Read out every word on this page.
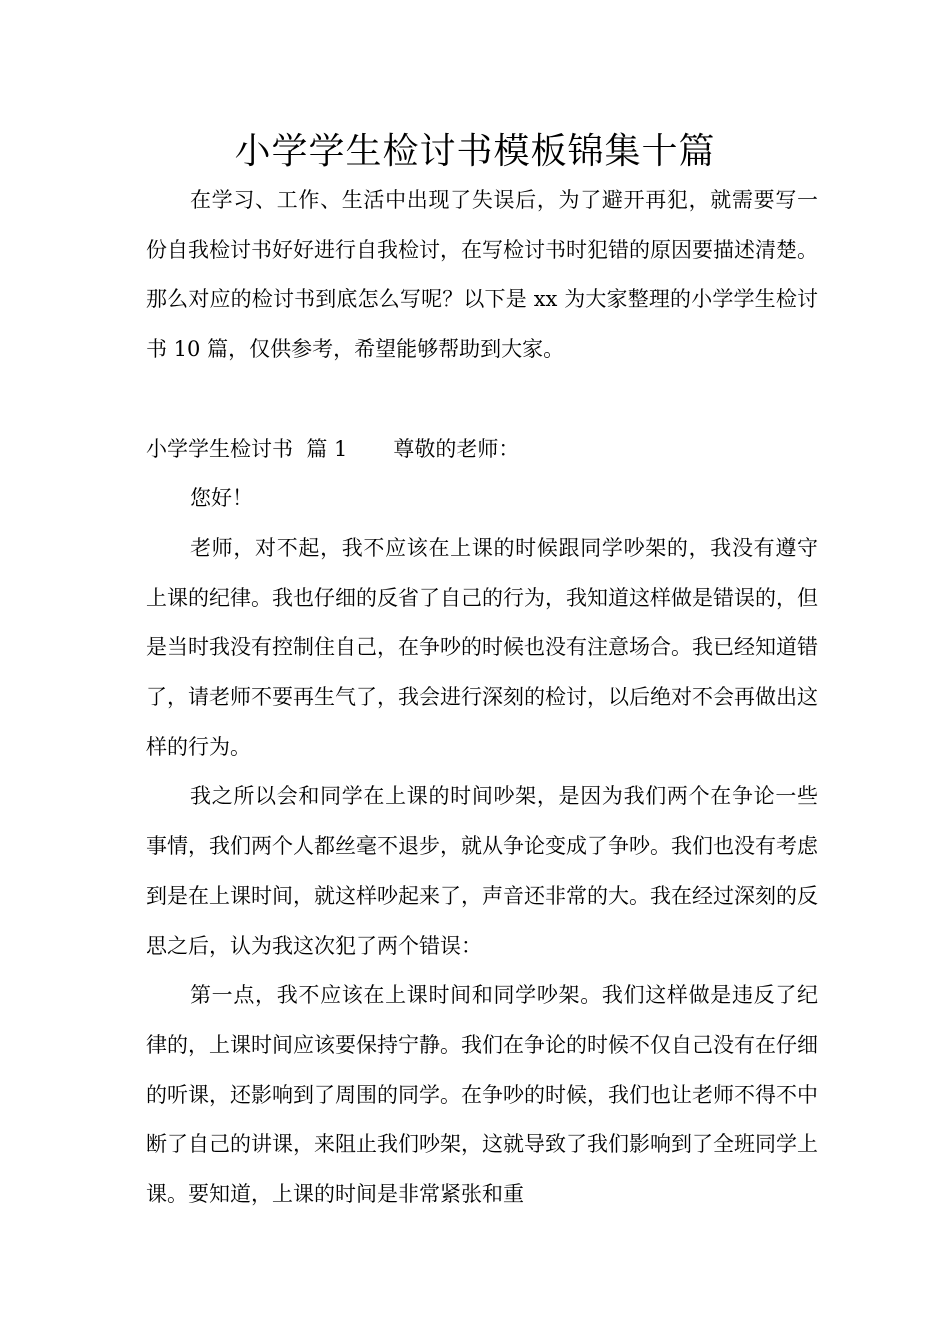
小学学生检讨书模板锦集十篇

在学习、工作、生活中出现了失误后，为了避开再犯，就需要写一份自我检讨书好好进行自我检讨，在写检讨书时犯错的原因要描述清楚。那么对应的检讨书到底怎么写呢？以下是 xx 为大家整理的小学学生检讨书 10 篇，仅供参考，希望能够帮助到大家。

小学学生检讨书  篇 1 尊敬的老师：

您好！

老师，对不起，我不应该在上课的时候跟同学吵架的，我没有遵守上课的纪律。我也仔细的反省了自己的行为，我知道这样做是错误的，但是当时我没有控制住自己，在争吵的时候也没有注意场合。我已经知道错了，请老师不要再生气了，我会进行深刻的检讨，以后绝对不会再做出这样的行为。

我之所以会和同学在上课的时间吵架，是因为我们两个在争论一些事情，我们两个人都丝毫不退步，就从争论变成了争吵。我们也没有考虑到是在上课时间，就这样吵起来了，声音还非常的大。我在经过深刻的反思之后，认为我这次犯了两个错误：

第一点，我不应该在上课时间和同学吵架。我们这样做是违反了纪律的，上课时间应该要保持宁静。我们在争论的时候不仅自己没有在仔细的听课，还影响到了周围的同学。在争吵的时候，我们也让老师不得不中断了自己的讲课，来阻止我们吵架，这就导致了我们影响到了全班同学上课。要知道，上课的时间是非常紧张和重
